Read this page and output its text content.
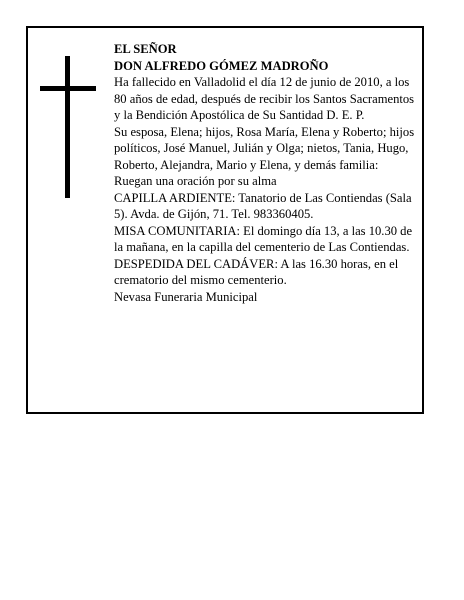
EL SEÑOR

DON ALFREDO GÓMEZ MADROÑO

Ha fallecido en Valladolid el día 12 de junio de 2010, a los 80 años de edad, después de recibir los Santos Sacramentos y la Bendición Apostólica de Su Santidad D. E. P.

Su esposa, Elena; hijos, Rosa María, Elena y Roberto; hijos políticos, José Manuel, Julián y Olga; nietos, Tania, Hugo, Roberto, Alejandra, Mario y Elena, y demás familia:

Ruegan una oración por su alma

CAPILLA ARDIENTE: Tanatorio de Las Contiendas (Sala 5). Avda. de Gijón, 71. Tel. 983360405.

MISA COMUNITARIA: El domingo día 13, a las 10.30 de la mañana, en la capilla del cementerio de Las Contiendas.

DESPEDIDA DEL CADÁVER: A las 16.30 horas, en el crematorio del mismo cementerio.

Nevasa Funeraria Municipal
